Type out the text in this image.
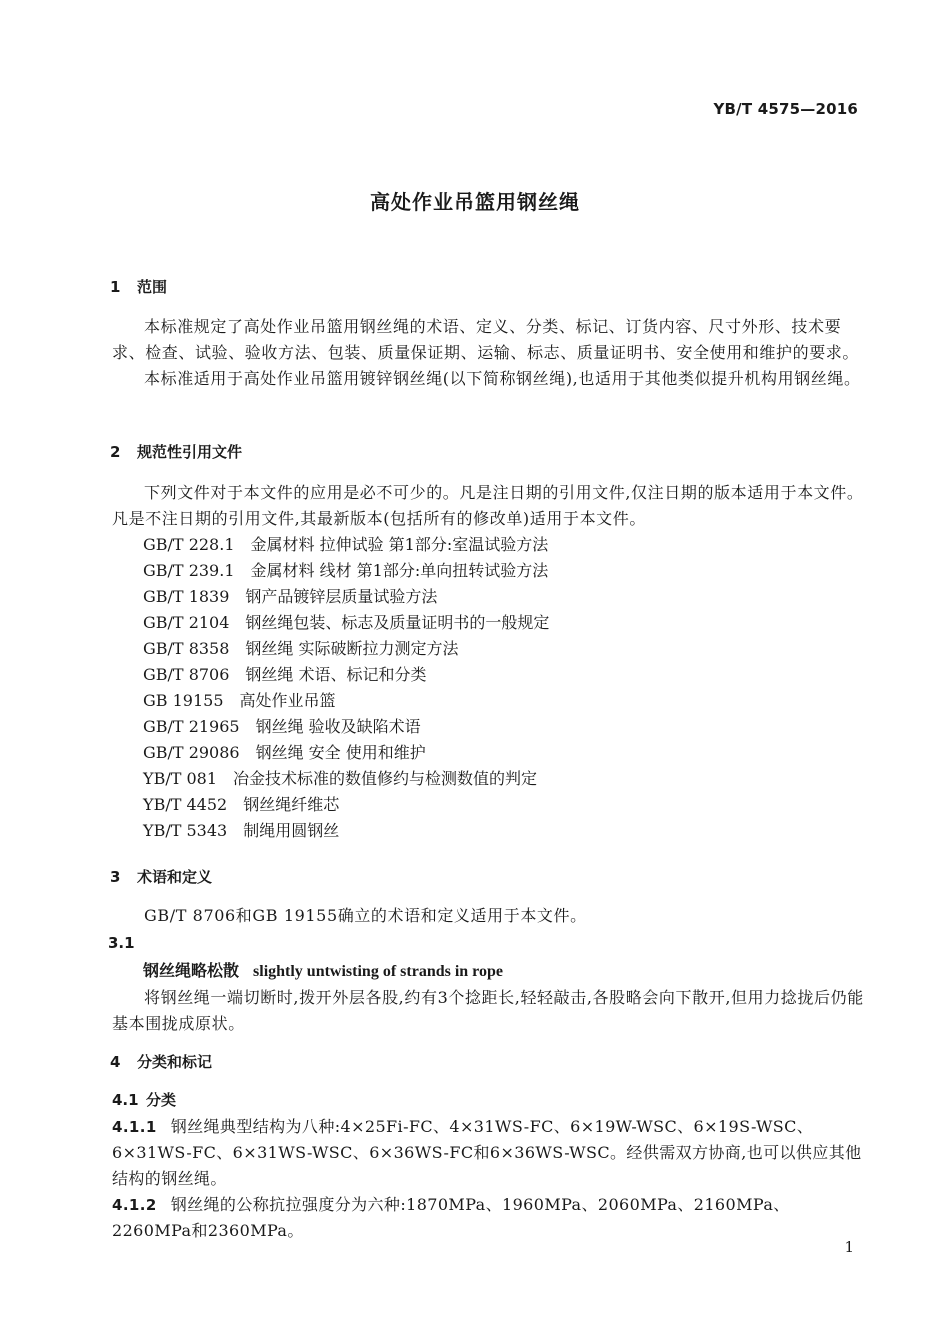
YB/T 4575—2016
高处作业吊篮用钢丝绳
1 范围
本标准规定了高处作业吊篮用钢丝绳的术语、定义、分类、标记、订货内容、尺寸外形、技术要求、检查、试验、验收方法、包装、质量保证期、运输、标志、质量证明书、安全使用和维护的要求。
本标准适用于高处作业吊篮用镀锌钢丝绳(以下简称钢丝绳),也适用于其他类似提升机构用钢丝绳。
2 规范性引用文件
下列文件对于本文件的应用是必不可少的。凡是注日期的引用文件,仅注日期的版本适用于本文件。凡是不注日期的引用文件,其最新版本(包括所有的修改单)适用于本文件。
GB/T 228.1 金属材料 拉伸试验 第1部分:室温试验方法
GB/T 239.1 金属材料 线材 第1部分:单向扭转试验方法
GB/T 1839 钢产品镀锌层质量试验方法
GB/T 2104 钢丝绳包装、标志及质量证明书的一般规定
GB/T 8358 钢丝绳 实际破断拉力测定方法
GB/T 8706 钢丝绳 术语、标记和分类
GB 19155 高处作业吊篮
GB/T 21965 钢丝绳 验收及缺陷术语
GB/T 29086 钢丝绳 安全 使用和维护
YB/T 081 冶金技术标准的数值修约与检测数值的判定
YB/T 4452 钢丝绳纤维芯
YB/T 5343 制绳用圆钢丝
3 术语和定义
GB/T 8706和GB 19155确立的术语和定义适用于本文件。
3.1
钢丝绳略松散 slightly untwisting of strands in rope
将钢丝绳一端切断时,拨开外层各股,约有3个捻距长,轻轻敲击,各股略会向下散开,但用力捻拢后仍能基本围拢成原状。
4 分类和标记
4.1 分类
4.1.1 钢丝绳典型结构为八种:4×25Fi-FC、4×31WS-FC、6×19W-WSC、6×19S-WSC、6×31WS-FC、6×31WS-WSC、6×36WS-FC和6×36WS-WSC。经供需双方协商,也可以供应其他结构的钢丝绳。
4.1.2 钢丝绳的公称抗拉强度分为六种:1870MPa、1960MPa、2060MPa、2160MPa、2260MPa和2360MPa。
1
